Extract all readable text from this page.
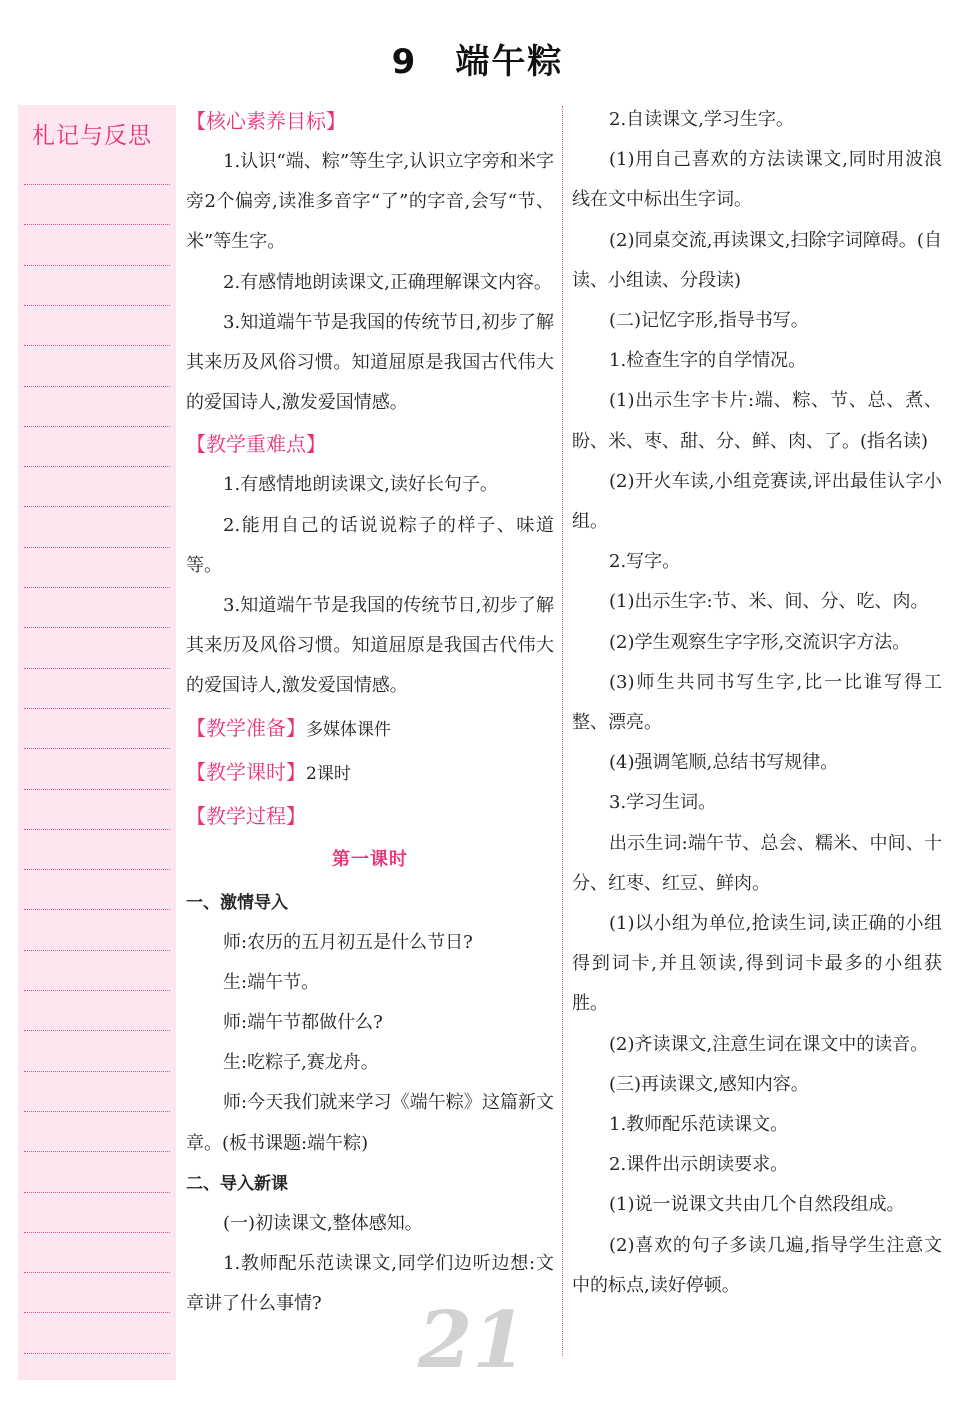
9 端午粽
札记与反思
【核心素养目标】
1.认识“端、粽”等生字,认识立字旁和米字旁2个偏旁,读准多音字“了”的字音,会写“节、米”等生字。
2.有感情地朗读课文,正确理解课文内容。
3.知道端午节是我国的传统节日,初步了解其来历及风俗习惯。知道屈原是我国古代伟大的爱国诗人,激发爱国情感。
【教学重难点】
1.有感情地朗读课文,读好长句子。
2.能用自己的话说说粽子的样子、味道等。
3.知道端午节是我国的传统节日,初步了解其来历及风俗习惯。知道屈原是我国古代伟大的爱国诗人,激发爱国情感。
【教学准备】多媒体课件
【教学课时】2课时
【教学过程】
第一课时
一、激情导入
师:农历的五月初五是什么节日?
生:端午节。
师:端午节都做什么?
生:吃粽子,赛龙舟。
师:今天我们就来学习《端午粽》这篇新文章。(板书课题:端午粽)
二、导入新课
(一)初读课文,整体感知。
1.教师配乐范读课文,同学们边听边想:文章讲了什么事情?
2.自读课文,学习生字。
(1)用自己喜欢的方法读课文,同时用波浪线在文中标出生字词。
(2)同桌交流,再读课文,扫除字词障碍。(自读、小组读、分段读)
(二)记忆字形,指导书写。
1.检查生字的自学情况。
(1)出示生字卡片:端、粽、节、总、煮、盼、米、枣、甜、分、鲜、肉、了。(指名读)
(2)开火车读,小组竞赛读,评出最佳认字小组。
2.写字。
(1)出示生字:节、米、间、分、吃、肉。
(2)学生观察生字字形,交流识字方法。
(3)师生共同书写生字,比一比谁写得工整、漂亮。
(4)强调笔顺,总结书写规律。
3.学习生词。
出示生词:端午节、总会、糯米、中间、十分、红枣、红豆、鲜肉。
(1)以小组为单位,抢读生词,读正确的小组得到词卡,并且领读,得到词卡最多的小组获胜。
(2)齐读课文,注意生词在课文中的读音。
(三)再读课文,感知内容。
1.教师配乐范读课文。
2.课件出示朗读要求。
(1)说一说课文共由几个自然段组成。
(2)喜欢的句子多读几遍,指导学生注意文中的标点,读好停顿。
21
